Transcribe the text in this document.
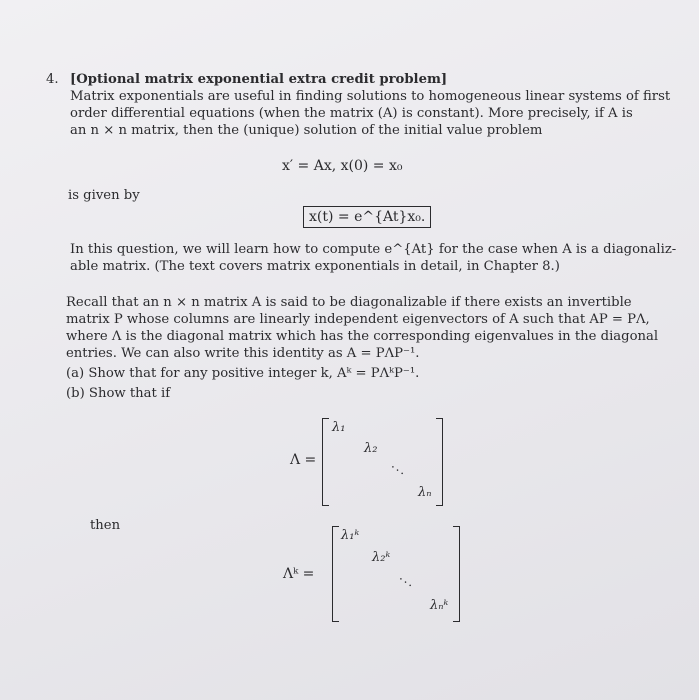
4. [Optional matrix exponential extra credit problem]
Matrix exponentials are useful in finding solutions to homogeneous linear systems of first
order differential equations (when the matrix (A) is constant). More precisely, if A is
an n × n matrix, then the (unique) solution of the initial value problem
x′ = Ax, x(0) = x₀
is given by
x(t) = e^{At}x₀.
In this question, we will learn how to compute e^{At} for the case when A is a diagonaliz-
able matrix. (The text covers matrix exponentials in detail, in Chapter 8.)
Recall that an n × n matrix A is said to be diagonalizable if there exists an invertible
matrix P whose columns are linearly independent eigenvectors of A such that AP = PΛ,
where Λ is the diagonal matrix which has the corresponding eigenvalues in the diagonal
entries. We can also write this identity as A = PΛP⁻¹.
(a) Show that for any positive integer k, Aᵏ = PΛᵏP⁻¹.
(b) Show that if
Λ =
λ₁
λ₂
. . .
λₙ
then
Λᵏ =
λ₁ᵏ
λ₂ᵏ
. . .
λₙᵏ
